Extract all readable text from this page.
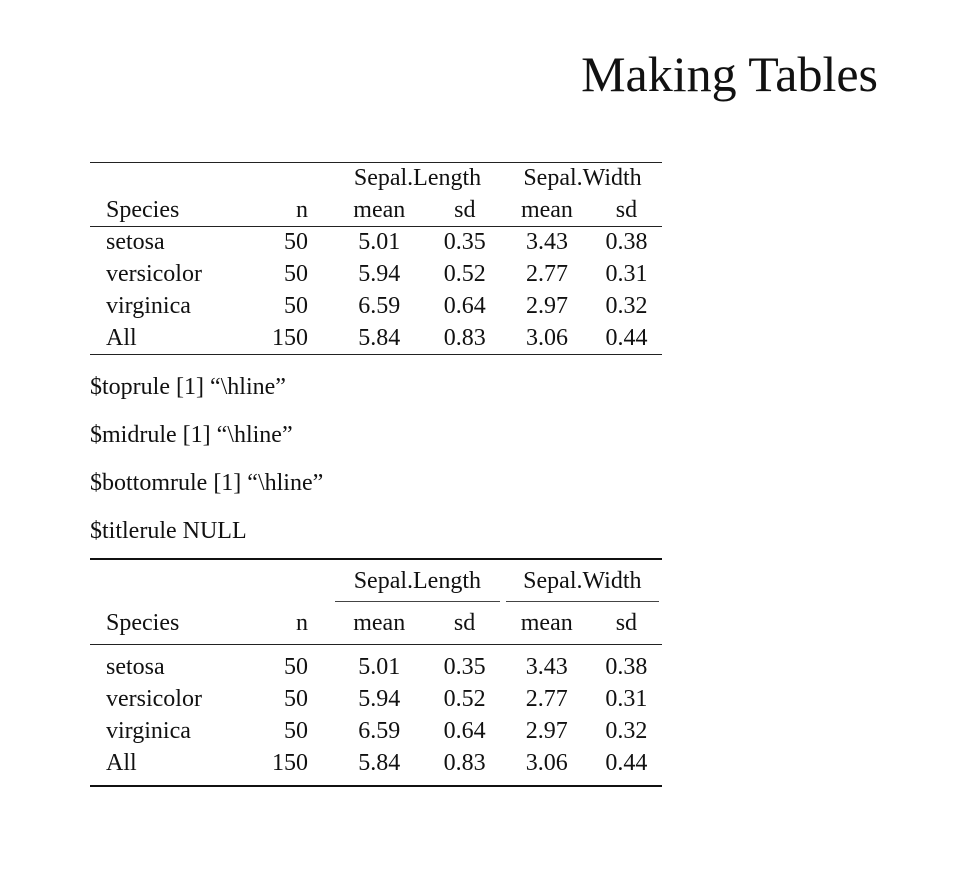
Making Tables
		Sepal.Length		Sepal.Width	
Species	n	mean	sd	mean	sd
setosa	50	5.01	0.35	3.43	0.38
versicolor	50	5.94	0.52	2.77	0.31
virginica	50	6.59	0.64	2.97	0.32
All	150	5.84	0.83	3.06	0.44
$toprule [1] “\hline”
$midrule [1] “\hline”
$bottomrule [1] “\hline”
$titlerule NULL

		Sepal.Length		Sepal.Width	

Species	n	mean	sd	mean	sd
setosa	50	5.01	0.35	3.43	0.38
versicolor	50	5.94	0.52	2.77	0.31
virginica	50	6.59	0.64	2.97	0.32
All	150	5.84	0.83	3.06	0.44
